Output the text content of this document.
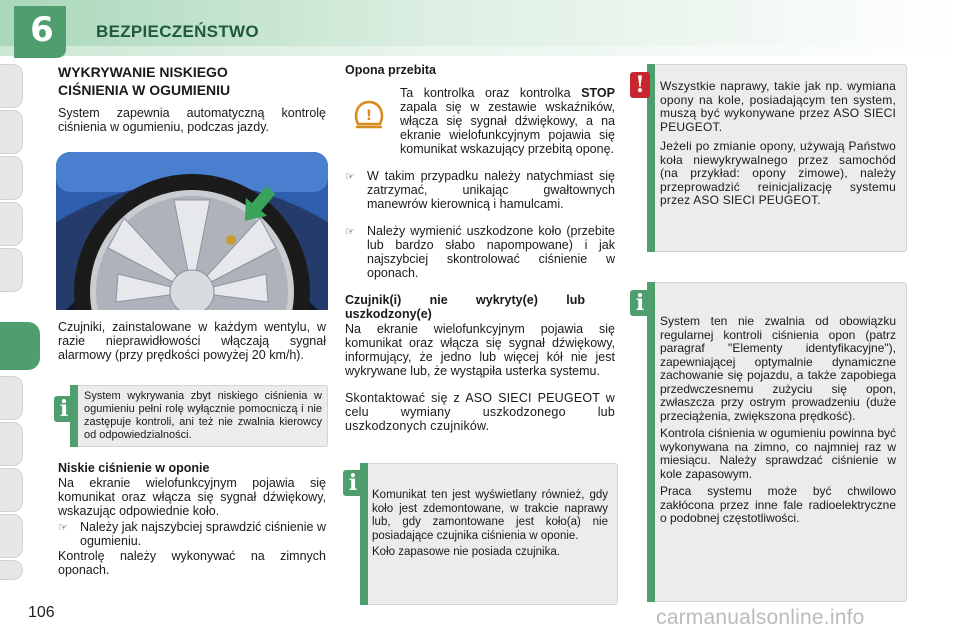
6	BEZPIECZEŃSTWO
WYKRYWANIE NISKIEGO
CIŚNIENIA W OGUMIENIU
System zapewnia automatyczną kontrolę ciśnienia w ogumieniu, podczas jazdy.
Czujniki, zainstalowane w każdym wentylu, w razie nieprawidłowości włączają sygnał alarmowy (przy prędkości powyżej 20 km/h).
i	System wykrywania zbyt niskiego ciśnienia w ogumieniu pełni rolę wyłącznie pomocniczą i nie zastępuje kontroli, ani też nie zwalnia kierowcy od odpowiedzialności.
Niskie ciśnienie w oponie
Na ekranie wielofunkcyjnym pojawia się komunikat oraz włącza się sygnał dźwiękowy, wskazując odpowiednie koło.
☞ Należy jak najszybciej sprawdzić ciśnienie w ogumieniu.
Kontrolę należy wykonywać na zimnych oponach.
Opona przebita
!
Ta kontrolka oraz kontrolka STOP zapala się w zestawie wskaźników, włącza się sygnał dźwiękowy, a na ekranie wielofunkcyjnym pojawia się komunikat wskazujący przebitą oponę.
☞ W takim przypadku należy natychmiast się zatrzymać, unikając gwałtownych manewrów kierownicą i hamulcami.
☞ Należy wymienić uszkodzone koło (przebite lub bardzo słabo napompowane) i jak najszybciej skontrolować ciśnienie w oponach.
Czujnik(i) nie wykryty(e) lub uszkodzony(e)
Na ekranie wielofunkcyjnym pojawia się komunikat oraz włącza się sygnał dźwiękowy, informujący, że jedno lub więcej kół nie jest wykrywane lub, że wystąpiła usterka systemu.
Skontaktować się z ASO SIECI PEUGEOT w celu wymiany uszkodzonego lub uszkodzonych czujników.
i	Komunikat ten jest wyświetlany również, gdy koło jest zdemontowane, w trakcie naprawy lub, gdy zamontowane jest koło(a) nie posiadające czujnika ciśnienia w oponie.
Koło zapasowe nie posiada czujnika.
!	Wszystkie naprawy, takie jak np. wymiana opony na kole, posiadającym ten system, muszą być wykonywane przez ASO SIECI PEUGEOT.
Jeżeli po zmianie opony, używają Państwo koła niewykrywalnego przez samochód (na przykład: opony zimowe), należy przeprowadzić reinicjalizację systemu przez ASO SIECI PEUGEOT.
i
System ten nie zwalnia od obowiązku regularnej kontroli ciśnienia opon (patrz paragraf "Elementy identyfikacyjne"), zapewniającej optymalnie dynamiczne zachowanie się pojazdu, a także zapobiega przedwczesnemu zużyciu się opon, zwłaszcza przy ostrym prowadzeniu (duże przeciążenia, zwiększona prędkość).
Kontrola ciśnienia w ogumieniu powinna być wykonywana na zimno, co najmniej raz w miesiącu. Należy sprawdzać ciśnienie w kole zapasowym.
Praca systemu może być chwilowo zakłócona przez inne fale radioelektryczne o podobnej częstotliwości.
106	carmanualsonline.info
